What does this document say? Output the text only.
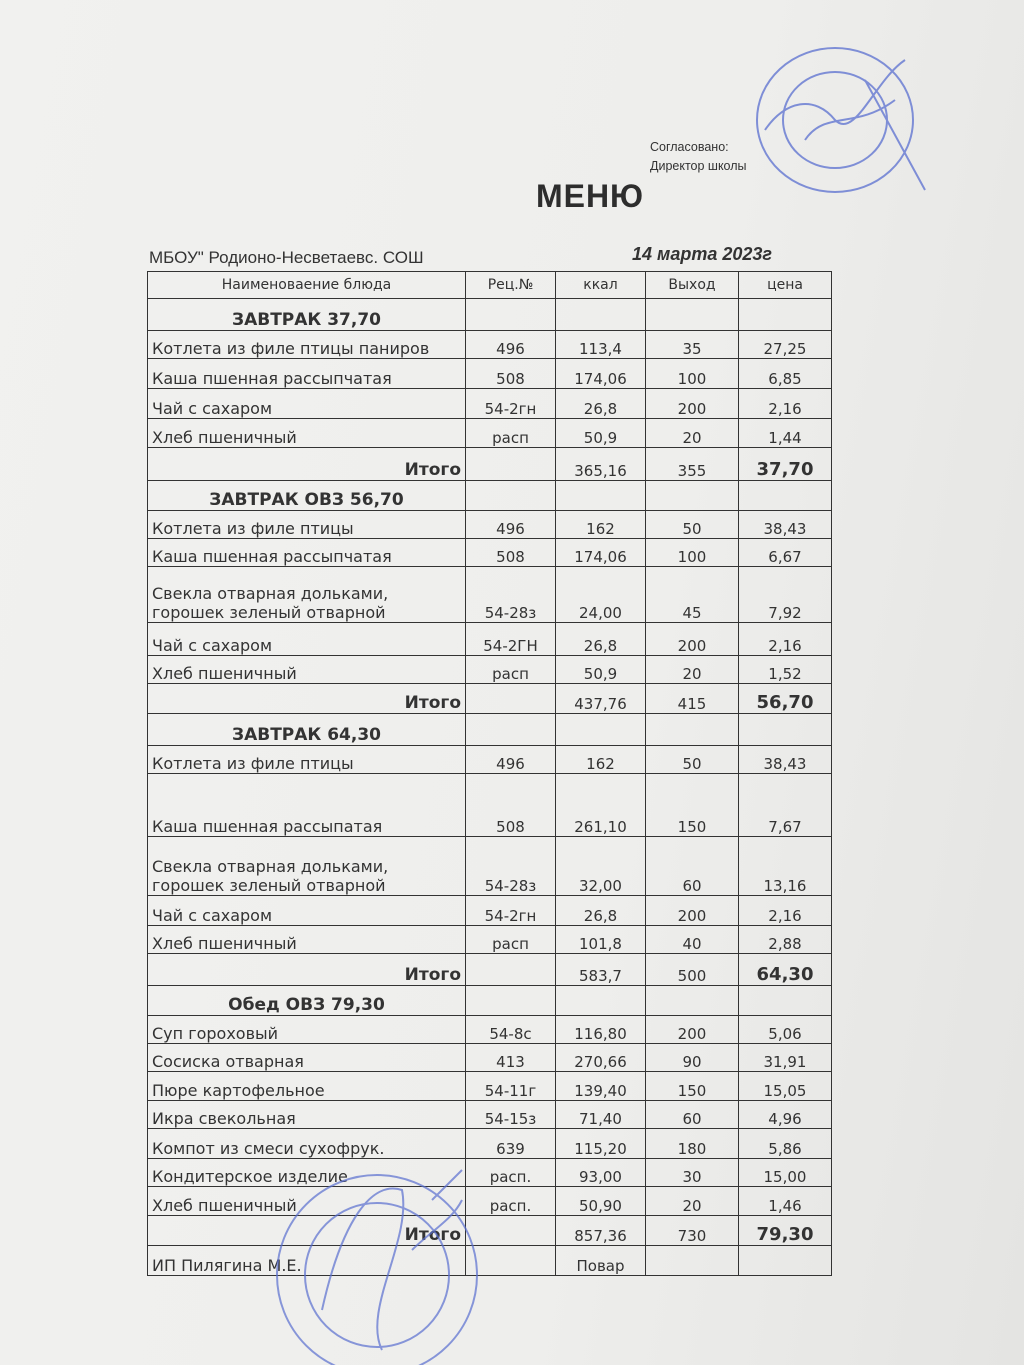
Согласовано:
Директор школы
МЕНЮ
МБОУ" Родионо-Несветаевс. СОШ	14 марта 2023г
Наименоваение блюда	Рец.№	ккал	Выход	цена
ЗАВТРАК 37,70				
Котлета из филе птицы паниров	496	113,4	35	27,25
Каша пшенная рассыпчатая	508	174,06	100	6,85
Чай с сахаром	54-2гн	26,8	200	2,16
Хлеб пшеничный	расп	50,9	20	1,44
Итого		365,16	355	37,70
ЗАВТРАК ОВЗ 56,70				
Котлета из филе птицы	496	162	50	38,43
Каша пшенная рассыпчатая	508	174,06	100	6,67

Свекла отварная дольками,
горошек зеленый отварной	54-28з	24,00	45	7,92
Чай с сахаром	54-2ГН	26,8	200	2,16
Хлеб пшеничный	расп	50,9	20	1,52
Итого		437,76	415	56,70
ЗАВТРАК 64,30				
Котлета из филе птицы	496	162	50	38,43
Каша пшенная рассыпатая	508	261,10	150	7,67

Свекла отварная дольками,
горошек зеленый отварной	54-28з	32,00	60	13,16
Чай с сахаром	54-2гн	26,8	200	2,16
Хлеб пшеничный	расп	101,8	40	2,88
Итого		583,7	500	64,30
Обед ОВЗ 79,30				
Суп гороховый	54-8с	116,80	200	5,06
Сосиска отварная	413	270,66	90	31,91
Пюре картофельное	54-11г	139,40	150	15,05
Икра свекольная	54-15з	71,40	60	4,96
Компот из смеси сухофрук.	639	115,20	180	5,86
Кондитерское изделие	расп.	93,00	30	15,00
Хлеб пшеничный	расп.	50,90	20	1,46
Итого		857,36	730	79,30
ИП Пилягина М.Е.		Повар		
